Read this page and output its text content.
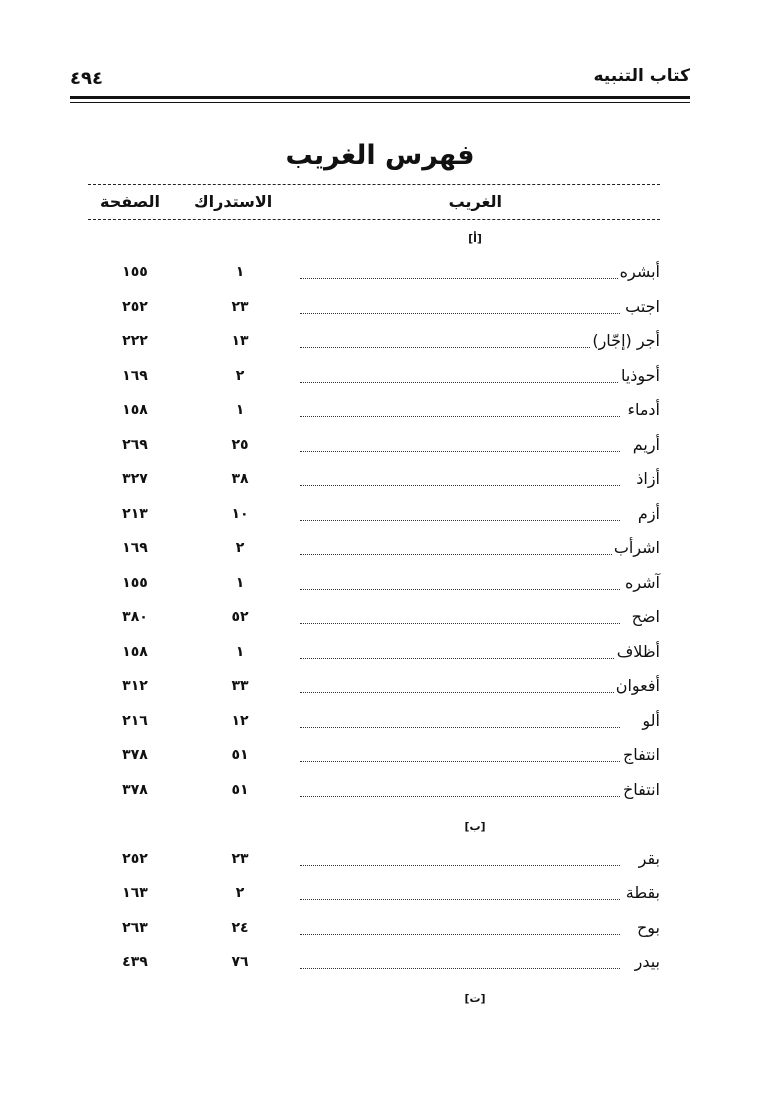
٤٩٤	كتاب التنبيه
فهرس الغريب
الغريب
الاستدراك
الصفحة
[أ]
أبشره
١
١٥٥
اجتب
٢٣
٢٥٢
أجر (إجّار)
١٣
٢٢٢
أحوذيا
٢
١٦٩
أدماء
١
١٥٨
أريم
٢٥
٢٦٩
أزاذ
٣٨
٣٢٧
أزم
١٠
٢١٣
اشرأب
٢
١٦٩
آشره
١
١٥٥
اضح
٥٢
٣٨٠
أظلاف
١
١٥٨
أفعوان
٣٣
٣١٢
ألو
١٢
٢١٦
انتفاج
٥١
٣٧٨
انتفاخ
٥١
٣٧٨
[ب]
بقر
٢٣
٢٥٢
بقطة
٢
١٦٣
بوح
٢٤
٢٦٣
بيدر
٧٦
٤٣٩
[ت]
